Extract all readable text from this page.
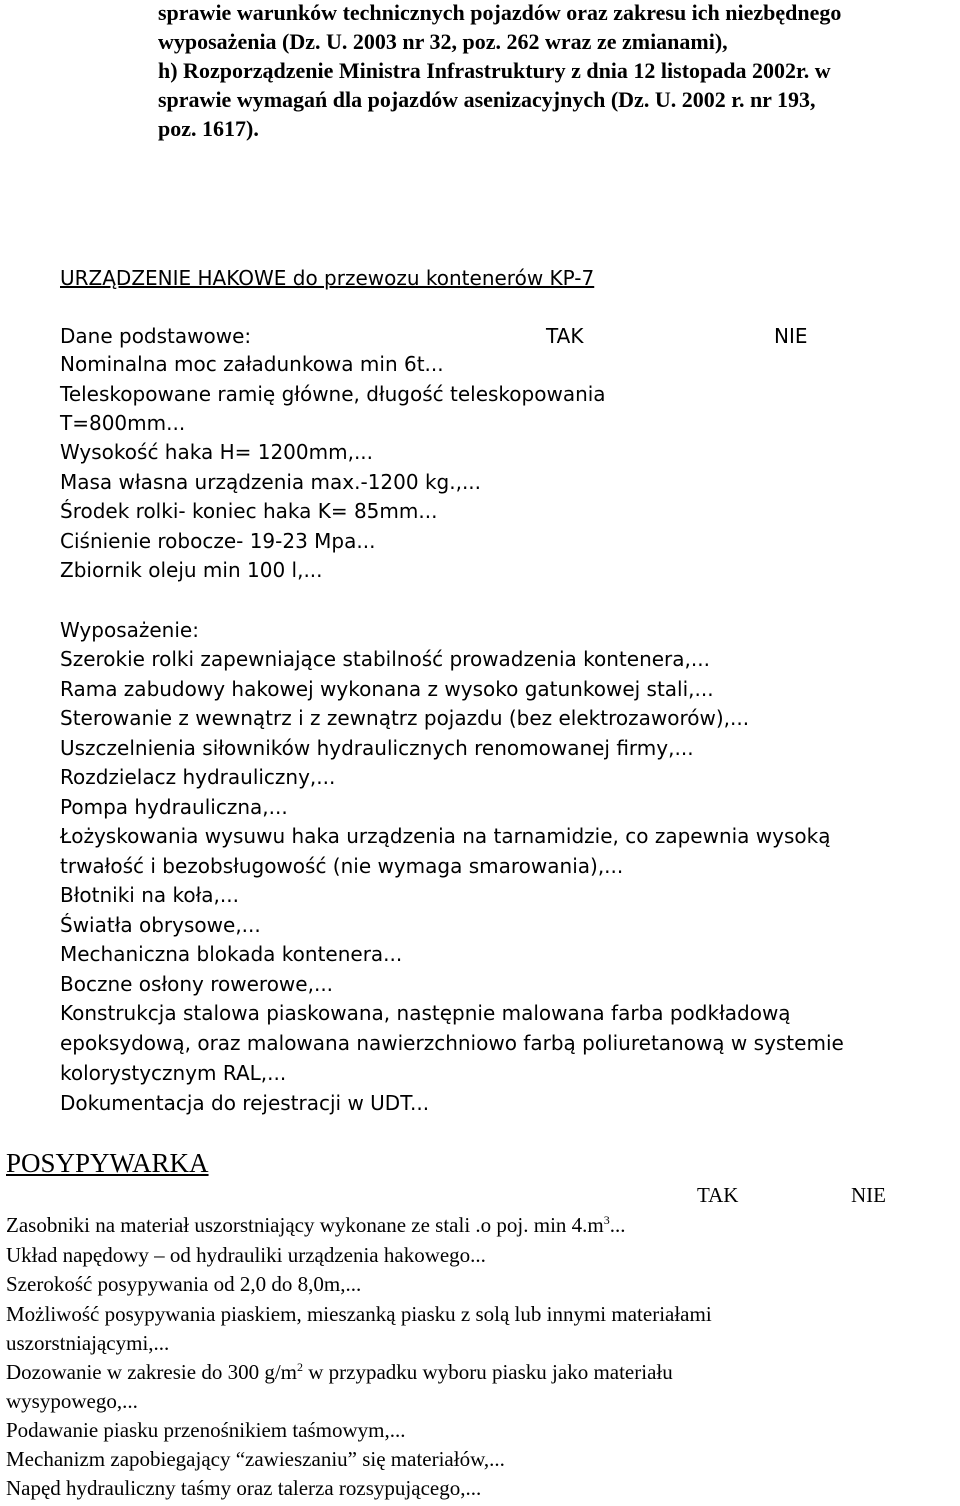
sprawie warunków technicznych pojazdów oraz zakresu ich niezbędnego
wyposażenia (Dz. U. 2003 nr 32, poz. 262 wraz ze zmianami),
h) Rozporządzenie Ministra Infrastruktury z dnia 12 listopada 2002r. w
sprawie wymagań dla pojazdów asenizacyjnych (Dz. U. 2002 r. nr 193,
poz. 1617).
URZĄDZENIE HAKOWE do przewozu kontenerów KP-7
Dane podstawowe:	TAK	NIE
Nominalna moc załadunkowa min 6t...
Teleskopowane ramię główne, długość teleskopowania
T=800mm...
Wysokość haka H= 1200mm,...
Masa własna urządzenia max.-1200 kg.,...
Środek rolki- koniec haka K= 85mm...
Ciśnienie robocze- 19-23 Mpa...
Zbiornik oleju min 100 l,...
Wyposażenie:
Szerokie rolki zapewniające stabilność prowadzenia kontenera,...
Rama zabudowy hakowej wykonana z wysoko gatunkowej stali,...
Sterowanie z wewnątrz i z zewnątrz pojazdu (bez elektrozaworów),...
Uszczelnienia siłowników hydraulicznych renomowanej firmy,...
Rozdzielacz hydrauliczny,...
Pompa hydrauliczna,...
Łożyskowania wysuwu haka urządzenia na tarnamidzie, co zapewnia wysoką
trwałość i bezobsługowość (nie wymaga smarowania),...
Błotniki na koła,...
Światła obrysowe,...
Mechaniczna blokada kontenera...
Boczne osłony rowerowe,...
Konstrukcja stalowa piaskowana, następnie malowana farba podkładową
epoksydową, oraz malowana nawierzchniowo farbą poliuretanową w systemie
kolorystycznym RAL,...
Dokumentacja do rejestracji w UDT...
POSYPYWARKA
TAK	NIE
Zasobniki na materiał uszorstniający wykonane ze stali .o poj. $\min 4.m^3$...
Układ napędowy – od hydrauliki urządzenia hakowego...
Szerokość posypywania od 2,0 do 8,0m,...
Możliwość posypywania piaskiem, mieszanką piasku z solą lub innymi materiałami
uszorstniającymi,...
Dozowanie w zakresie do 300 $g/m^2$ w przypadku wyboru piasku jako materiału
wysypowego,...
Podawanie piasku przenośnikiem taśmowym,...
Mechanizm zapobiegający “zawieszaniu” się materiałów,...
Napęd hydrauliczny taśmy oraz talerza rozsypującego,...
